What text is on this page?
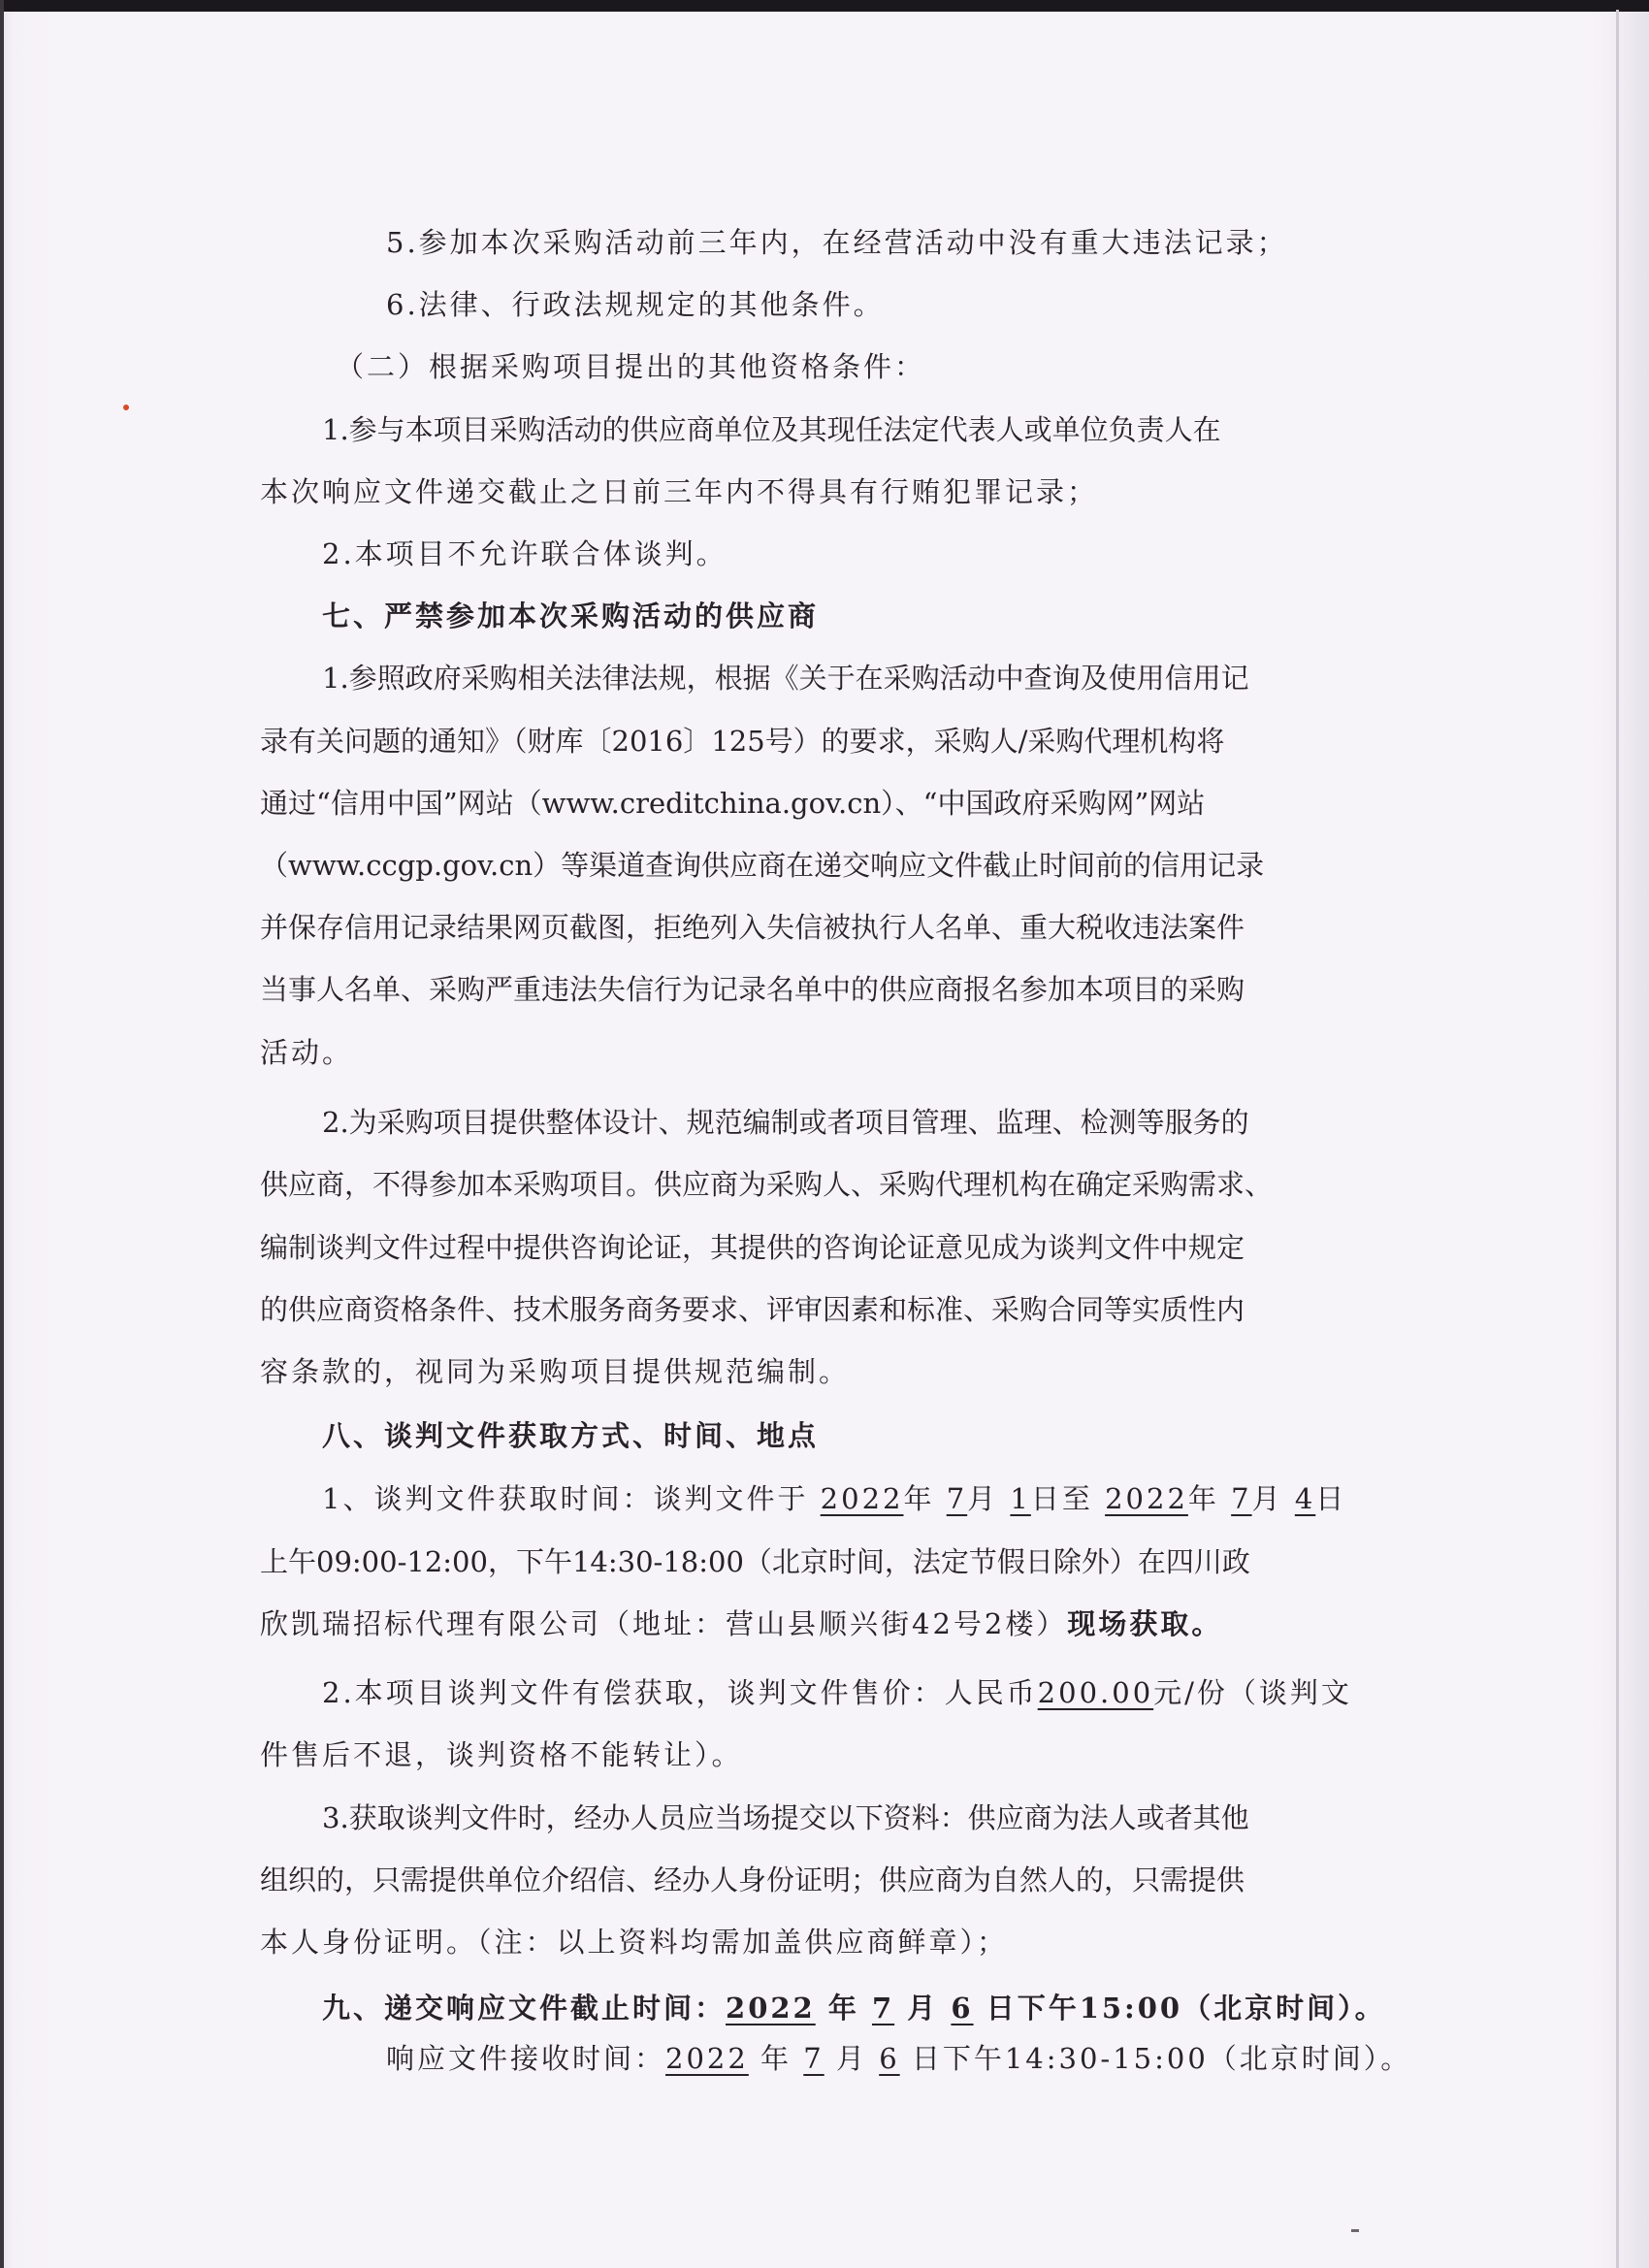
5.参加本次采购活动前三年内，在经营活动中没有重大违法记录；
6.法律、行政法规规定的其他条件。
（二）根据采购项目提出的其他资格条件：
1.参与本项目采购活动的供应商单位及其现任法定代表人或单位负责人在
本次响应文件递交截止之日前三年内不得具有行贿犯罪记录；
2.本项目不允许联合体谈判。
七、严禁参加本次采购活动的供应商
1.参照政府采购相关法律法规，根据《关于在采购活动中查询及使用信用记
录有关问题的通知》（财库〔2016〕125号）的要求，采购人/采购代理机构将
通过“信用中国”网站（www.creditchina.gov.cn）、“中国政府采购网”网站
（www.ccgp.gov.cn）等渠道查询供应商在递交响应文件截止时间前的信用记录
并保存信用记录结果网页截图，拒绝列入失信被执行人名单、重大税收违法案件
当事人名单、采购严重违法失信行为记录名单中的供应商报名参加本项目的采购
活动。
2.为采购项目提供整体设计、规范编制或者项目管理、监理、检测等服务的
供应商，不得参加本采购项目。供应商为采购人、采购代理机构在确定采购需求、
编制谈判文件过程中提供咨询论证，其提供的咨询论证意见成为谈判文件中规定
的供应商资格条件、技术服务商务要求、评审因素和标准、采购合同等实质性内
容条款的，视同为采购项目提供规范编制。
八、谈判文件获取方式、时间、地点
1、谈判文件获取时间：谈判文件于 2022年 7月 1日至 2022年 7月 4日
上午09:00-12:00，下午14:30-18:00（北京时间，法定节假日除外）在四川政
欣凯瑞招标代理有限公司（地址：营山县顺兴街42号2楼）现场获取。
2.本项目谈判文件有偿获取，谈判文件售价：人民币200.00元/份（谈判文
件售后不退，谈判资格不能转让）。
3.获取谈判文件时，经办人员应当场提交以下资料：供应商为法人或者其他
组织的，只需提供单位介绍信、经办人身份证明；供应商为自然人的，只需提供
本人身份证明。（注：以上资料均需加盖供应商鲜章）；
九、递交响应文件截止时间：2022 年 7 月 6 日下午15:00（北京时间）。
响应文件接收时间：2022 年 7 月 6 日下午14:30-15:00（北京时间）。
